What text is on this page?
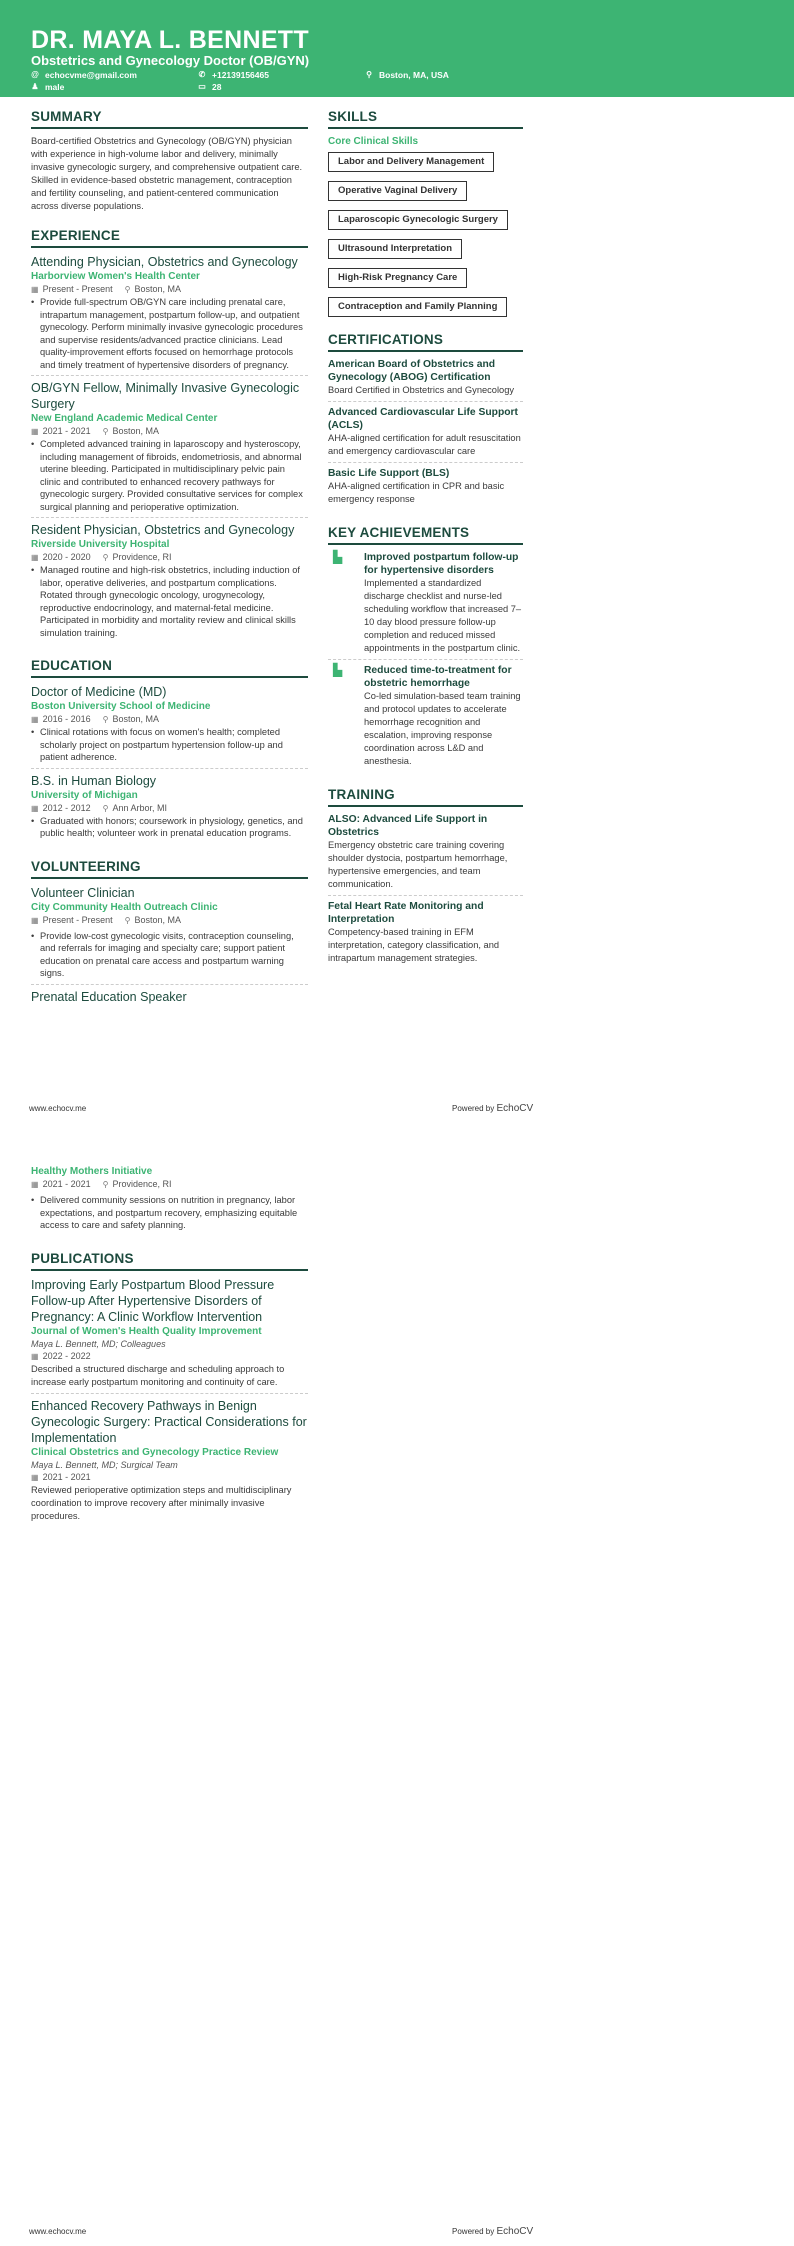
DR. MAYA L. BENNETT
Obstetrics and Gynecology Doctor (OB/GYN)
@ echocvme@gmail.com	✆ +12139156465	⚲ Boston, MA, USA
♟ male	▭ 28
SUMMARY

Board-certified Obstetrics and Gynecology (OB/GYN) physician with experience in high-volume labor and delivery, minimally invasive gynecologic surgery, and comprehensive outpatient care. Skilled in evidence-based obstetric management, contraception and fertility counseling, and patient-centered communication across diverse populations.

EXPERIENCE
Attending Physician, Obstetrics and Gynecology
Harborview Women's Health Center
▦ Present - Present ⚲ Boston, MA
• Provide full-spectrum OB/GYN care including prenatal care, intrapartum management, postpartum follow-up, and outpatient gynecology. Perform minimally invasive gynecologic procedures and supervise residents/advanced practice clinicians. Lead quality-improvement efforts focused on hemorrhage protocols and timely treatment of hypertensive disorders of pregnancy.
OB/GYN Fellow, Minimally Invasive Gynecologic Surgery
New England Academic Medical Center
▦ 2021 - 2021 ⚲ Boston, MA
• Completed advanced training in laparoscopy and hysteroscopy, including management of fibroids, endometriosis, and abnormal uterine bleeding. Participated in multidisciplinary pelvic pain clinic and contributed to enhanced recovery pathways for gynecologic surgery. Provided consultative services for complex surgical planning and perioperative optimization.
Resident Physician, Obstetrics and Gynecology
Riverside University Hospital
▦ 2020 - 2020 ⚲ Providence, RI
• Managed routine and high-risk obstetrics, including induction of labor, operative deliveries, and postpartum complications. Rotated through gynecologic oncology, urogynecology, reproductive endocrinology, and maternal-fetal medicine. Participated in morbidity and mortality review and clinical skills simulation training.
EDUCATION
Doctor of Medicine (MD)
Boston University School of Medicine
▦ 2016 - 2016 ⚲ Boston, MA
• Clinical rotations with focus on women's health; completed scholarly project on postpartum hypertension follow-up and patient adherence.
B.S. in Human Biology
University of Michigan
▦ 2012 - 2012 ⚲ Ann Arbor, MI
• Graduated with honors; coursework in physiology, genetics, and public health; volunteer work in prenatal education programs.
VOLUNTEERING
Volunteer Clinician
City Community Health Outreach Clinic
▦ Present - Present ⚲ Boston, MA
• Provide low-cost gynecologic visits, contraception counseling, and referrals for imaging and specialty care; support patient education on prenatal care access and postpartum warning signs.
Prenatal Education Speaker
SKILLS
Core Clinical Skills
Labor and Delivery Management
Operative Vaginal Delivery
Laparoscopic Gynecologic Surgery
Ultrasound Interpretation
High-Risk Pregnancy Care
Contraception and Family Planning
CERTIFICATIONS
American Board of Obstetrics and Gynecology (ABOG) Certification

Board Certified in Obstetrics and Gynecology

Advanced Cardiovascular Life Support (ACLS)

AHA-aligned certification for adult resuscitation and emergency cardiovascular care

Basic Life Support (BLS)

AHA-aligned certification in CPR and basic emergency response

KEY ACHIEVEMENTS
▙	Improved postpartum follow-up for hypertensive disorders

Implemented a standardized discharge checklist and nurse-led scheduling workflow that increased 7–10 day blood pressure follow-up completion and reduced missed appointments in the postpartum clinic.

▙	Reduced time-to-treatment for obstetric hemorrhage

Co-led simulation-based team training and protocol updates to accelerate hemorrhage recognition and escalation, improving response coordination across L&D and anesthesia.

TRAINING
ALSO: Advanced Life Support in Obstetrics

Emergency obstetric care training covering shoulder dystocia, postpartum hemorrhage, hypertensive emergencies, and team communication.

Fetal Heart Rate Monitoring and Interpretation

Competency-based training in EFM interpretation, category classification, and intrapartum management strategies.

www.echocv.me	Powered by EchoCV
Healthy Mothers Initiative
▦ 2021 - 2021 ⚲ Providence, RI
• Delivered community sessions on nutrition in pregnancy, labor expectations, and postpartum recovery, emphasizing equitable access to care and safety planning.
PUBLICATIONS
Improving Early Postpartum Blood Pressure Follow-up After Hypertensive Disorders of Pregnancy: A Clinic Workflow Intervention
Journal of Women's Health Quality Improvement
Maya L. Bennett, MD; Colleagues
▦ 2022 - 2022

Described a structured discharge and scheduling approach to increase early postpartum monitoring and continuity of care.

Enhanced Recovery Pathways in Benign Gynecologic Surgery: Practical Considerations for Implementation
Clinical Obstetrics and Gynecology Practice Review
Maya L. Bennett, MD; Surgical Team
▦ 2021 - 2021

Reviewed perioperative optimization steps and multidisciplinary coordination to improve recovery after minimally invasive procedures.

www.echocv.me	Powered by EchoCV
